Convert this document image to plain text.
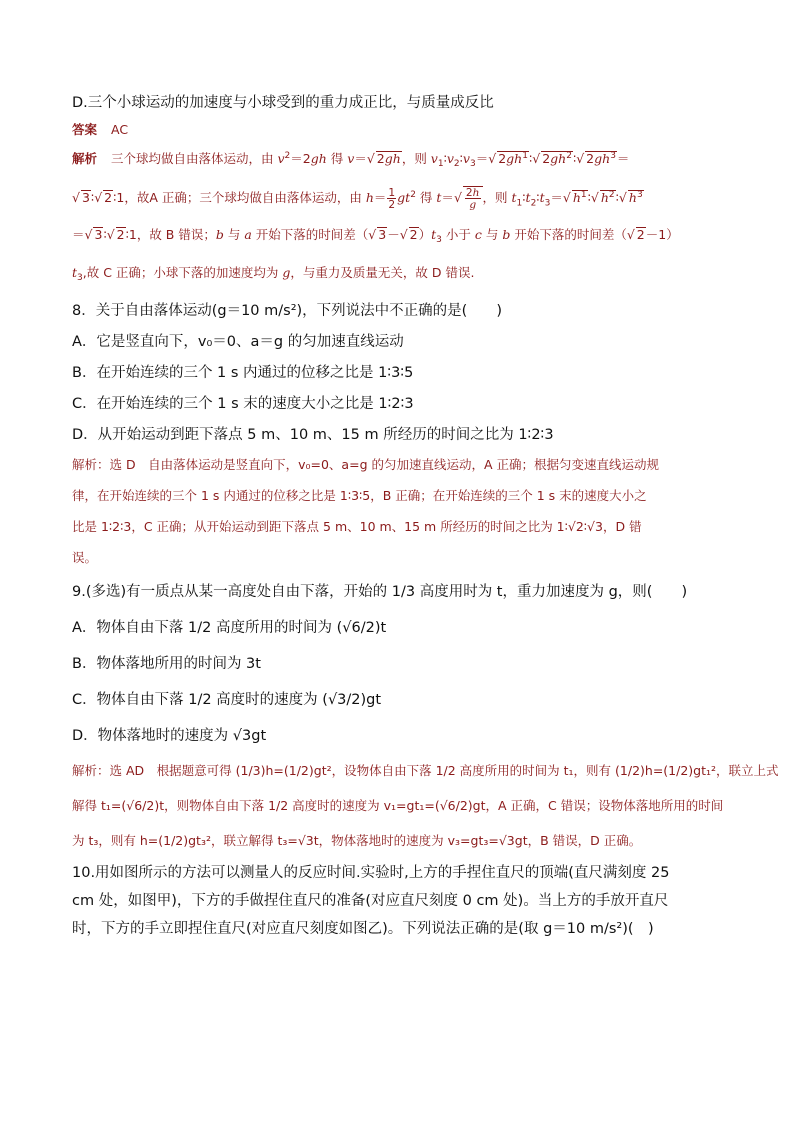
D.三个小球运动的加速度与小球受到的重力成正比，与质量成反比
答案 AC
解析 三个球均做自由落体运动，由 $v^2=2gh$ 得 v＝√ 2gh，则 $v_1∶v_2∶v_3=√$ $2gh^1∶√$ $2gh^2∶√$ $2gh^3=$
√ 3∶√ 2∶1，故A 正确；三个球均做自由落体运动，由 $h= \frac{1}{2} gt^2$ 得 $t=√ \frac{2h}{g}$ ，则 $t_1∶t_2∶t_3=√$ $h^1∶√$ $h^2∶√$ $h^3$
＝√ 3∶√ 2∶1，故 B 错误；b 与 a 开始下落的时间差（√ 3－√ $2)t_3$ 小于 c 与 b 开始下落的时间差（√ 2－1）
$t_3$,故 C 正确；小球下落的加速度均为 g，与重力及质量无关，故 D 错误.
8．关于自由落体运动(g＝10 m/s²)，下列说法中不正确的是(　　)
A．它是竖直向下，v₀＝0、a＝g 的匀加速直线运动
B．在开始连续的三个 1 s 内通过的位移之比是 1∶3∶5
C．在开始连续的三个 1 s 末的速度大小之比是 1∶2∶3
D．从开始运动到距下落点 5 m、10 m、15 m 所经历的时间之比为 1∶2∶3
解析：选 D　自由落体运动是竖直向下，v₀=0、a=g 的匀加速直线运动，A 正确；根据匀变速直线运动规
律，在开始连续的三个 1 s 内通过的位移之比是 1∶3∶5，B 正确；在开始连续的三个 1 s 末的速度大小之
比是 1∶2∶3，C 正确；从开始运动到距下落点 5 m、10 m、15 m 所经历的时间之比为 1∶√2∶√3，D 错
误。
9.(多选)有一质点从某一高度处自由下落，开始的 1/3 高度用时为 t，重力加速度为 g，则(　　)
A．物体自由下落 1/2 高度所用的时间为 (√6/2)t
B．物体落地所用的时间为 3t
C．物体自由下落 1/2 高度时的速度为 (√3/2)gt
D．物体落地时的速度为 √3gt
解析：选 AD　根据题意可得 (1/3)h=(1/2)gt²，设物体自由下落 1/2 高度所用的时间为 t₁，则有 (1/2)h=(1/2)gt₁²，联立上式
解得 t₁=(√6/2)t，则物体自由下落 1/2 高度时的速度为 v₁=gt₁=(√6/2)gt，A 正确，C 错误；设物体落地所用的时间
为 t₃，则有 h=(1/2)gt₃²，联立解得 t₃=√3t，物体落地时的速度为 v₃=gt₃=√3gt，B 错误，D 正确。
10.用如图所示的方法可以测量人的反应时间.实验时,上方的手捏住直尺的顶端(直尺满刻度 25
cm 处，如图甲)，下方的手做捏住直尺的准备(对应直尺刻度 0 cm 处)。当上方的手放开直尺
时，下方的手立即捏住直尺(对应直尺刻度如图乙)。下列说法正确的是(取 g＝10 m/s²)(　)
